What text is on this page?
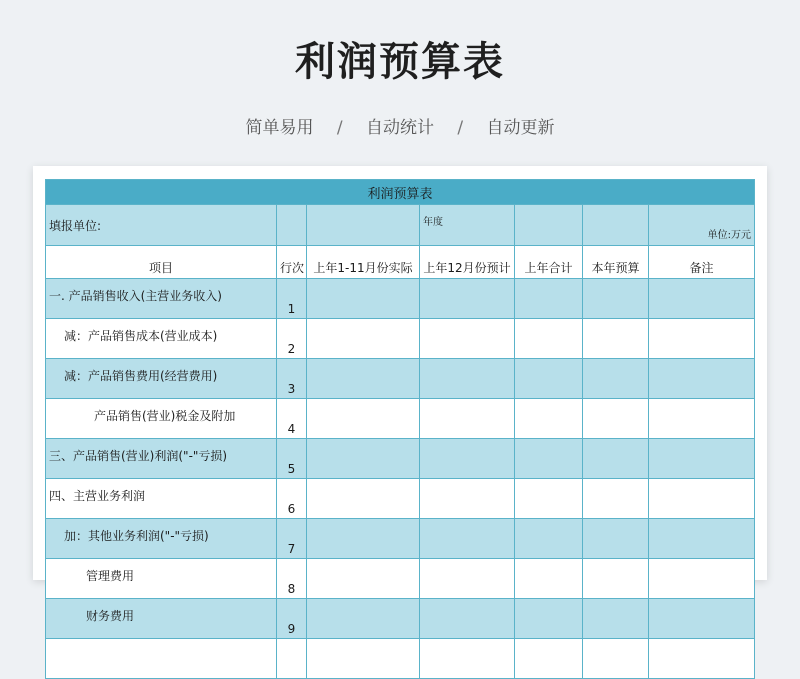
利润预算表
简单易用 / 自动统计 / 自动更新
利润预算表						
填报单位:			年度			单位:万元
项目	行次	上年1-11月份实际	上年12月份预计	上年合计	本年预算	备注
一. 产品销售收入(主营业务收入)	1					
减：产品销售成本(营业成本)	2					
减：产品销售费用(经营费用)	3					
产品销售(营业)税金及附加	4					
三、产品销售(营业)利润("-"亏损)	5					
四、主营业务利润	6					
加：其他业务利润("-"亏损)	7					
管理费用	8					
财务费用	9					
